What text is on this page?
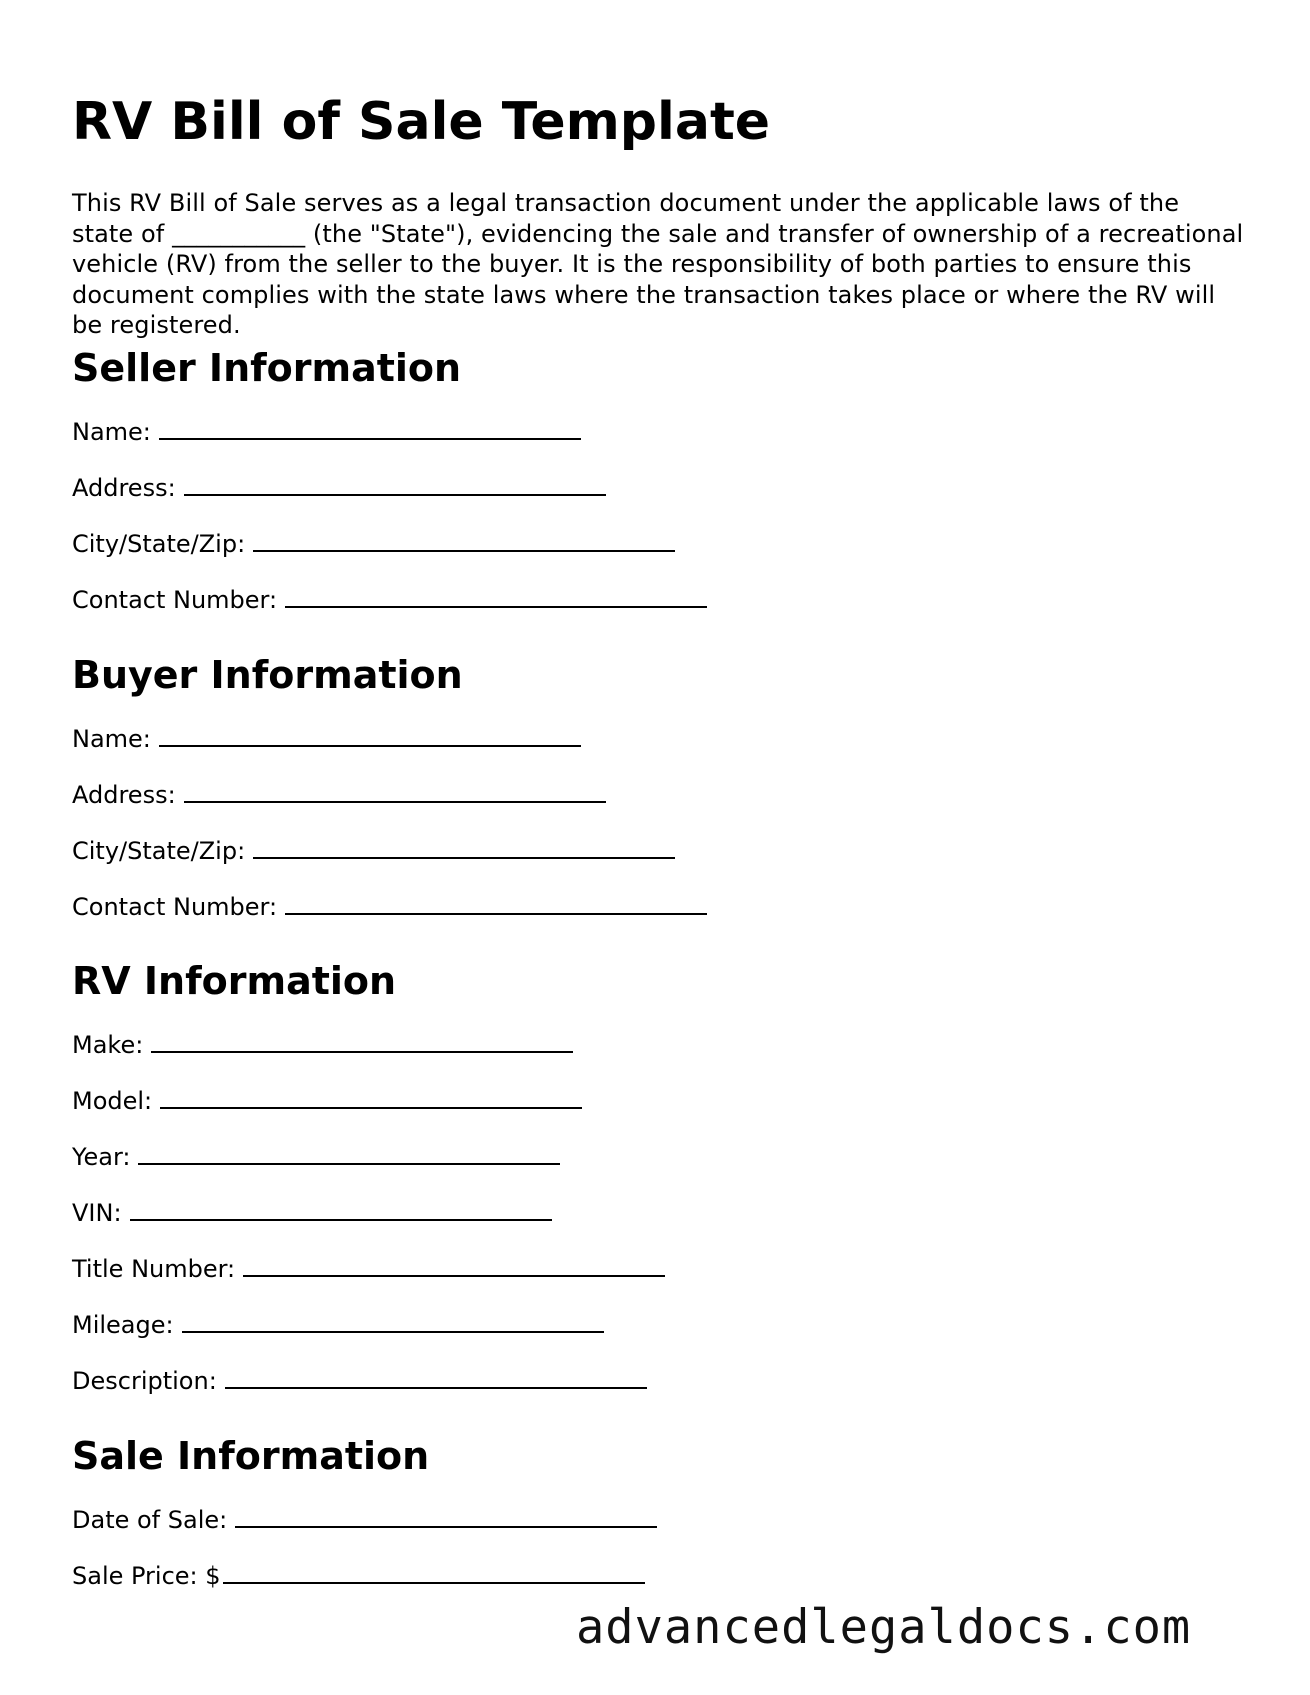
RV Bill of Sale Template

This RV Bill of Sale serves as a legal transaction document under the applicable laws of the state of ___________ (the "State"), evidencing the sale and transfer of ownership of a recreational vehicle (RV) from the seller to the buyer. It is the responsibility of both parties to ensure this document complies with the state laws where the transaction takes place or where the RV will be registered.

Seller Information
Name:
Address:
City/State/Zip:
Contact Number:
Buyer Information
Name:
Address:
City/State/Zip:
Contact Number:
RV Information
Make:
Model:
Year:
VIN:
Title Number:
Mileage:
Description:
Sale Information
Date of Sale:
Sale Price: $
advancedlegaldocs.com
